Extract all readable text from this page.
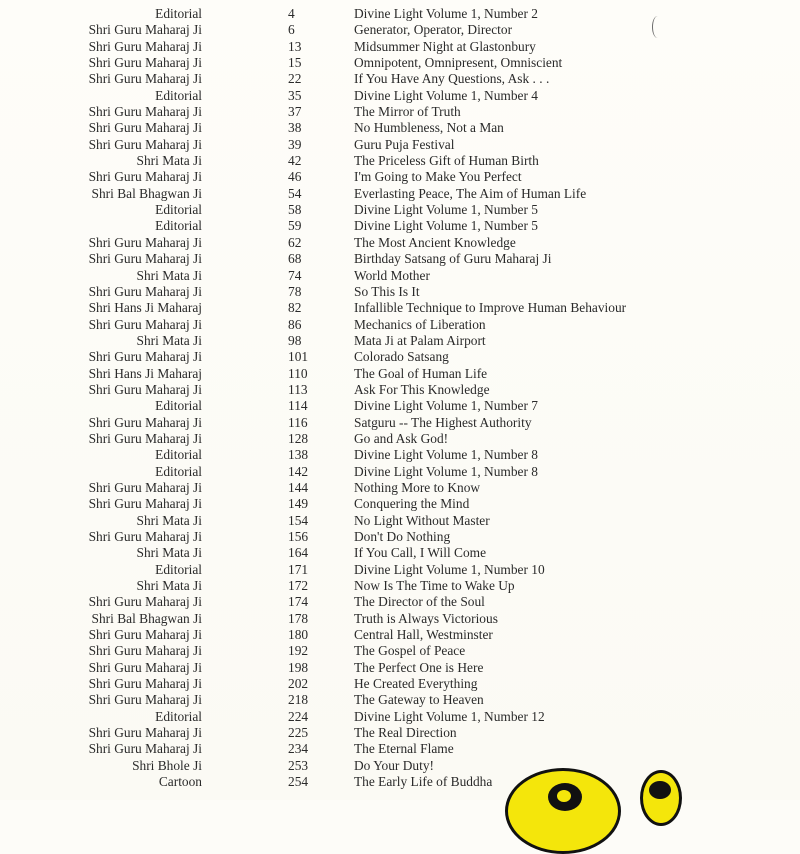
Editorial	4	Divine Light Volume 1, Number 2
Shri Guru Maharaj Ji	6	Generator, Operator, Director
Shri Guru Maharaj Ji	13	Midsummer Night at Glastonbury
Shri Guru Maharaj Ji	15	Omnipotent, Omnipresent, Omniscient
Shri Guru Maharaj Ji	22	If You Have Any Questions, Ask . . .
Editorial	35	Divine Light Volume 1, Number 4
Shri Guru Maharaj Ji	37	The Mirror of Truth
Shri Guru Maharaj Ji	38	No Humbleness, Not a Man
Shri Guru Maharaj Ji	39	Guru Puja Festival
Shri Mata Ji	42	The Priceless Gift of Human Birth
Shri Guru Maharaj Ji	46	I'm Going to Make You Perfect
Shri Bal Bhagwan Ji	54	Everlasting Peace, The Aim of Human Life
Editorial	58	Divine Light Volume 1, Number 5
Editorial	59	Divine Light Volume 1, Number 5
Shri Guru Maharaj Ji	62	The Most Ancient Knowledge
Shri Guru Maharaj Ji	68	Birthday Satsang of Guru Maharaj Ji
Shri Mata Ji	74	World Mother
Shri Guru Maharaj Ji	78	So This Is It
Shri Hans Ji Maharaj	82	Infallible Technique to Improve Human Behaviour
Shri Guru Maharaj Ji	86	Mechanics of Liberation
Shri Mata Ji	98	Mata Ji at Palam Airport
Shri Guru Maharaj Ji	101	Colorado Satsang
Shri Hans Ji Maharaj	110	The Goal of Human Life
Shri Guru Maharaj Ji	113	Ask For This Knowledge
Editorial	114	Divine Light Volume 1, Number 7
Shri Guru Maharaj Ji	116	Satguru -- The Highest Authority
Shri Guru Maharaj Ji	128	Go and Ask God!
Editorial	138	Divine Light Volume 1, Number 8
Editorial	142	Divine Light Volume 1, Number 8
Shri Guru Maharaj Ji	144	Nothing More to Know
Shri Guru Maharaj Ji	149	Conquering the Mind
Shri Mata Ji	154	No Light Without Master
Shri Guru Maharaj Ji	156	Don't Do Nothing
Shri Mata Ji	164	If You Call, I Will Come
Editorial	171	Divine Light Volume 1, Number 10
Shri Mata Ji	172	Now Is The Time to Wake Up
Shri Guru Maharaj Ji	174	The Director of the Soul
Shri Bal Bhagwan Ji	178	Truth is Always Victorious
Shri Guru Maharaj Ji	180	Central Hall, Westminster
Shri Guru Maharaj Ji	192	The Gospel of Peace
Shri Guru Maharaj Ji	198	The Perfect One is Here
Shri Guru Maharaj Ji	202	He Created Everything
Shri Guru Maharaj Ji	218	The Gateway to Heaven
Editorial	224	Divine Light Volume 1, Number 12
Shri Guru Maharaj Ji	225	The Real Direction
Shri Guru Maharaj Ji	234	The Eternal Flame
Shri Bhole Ji	253	Do Your Duty!
Cartoon	254	The Early Life of Buddha
